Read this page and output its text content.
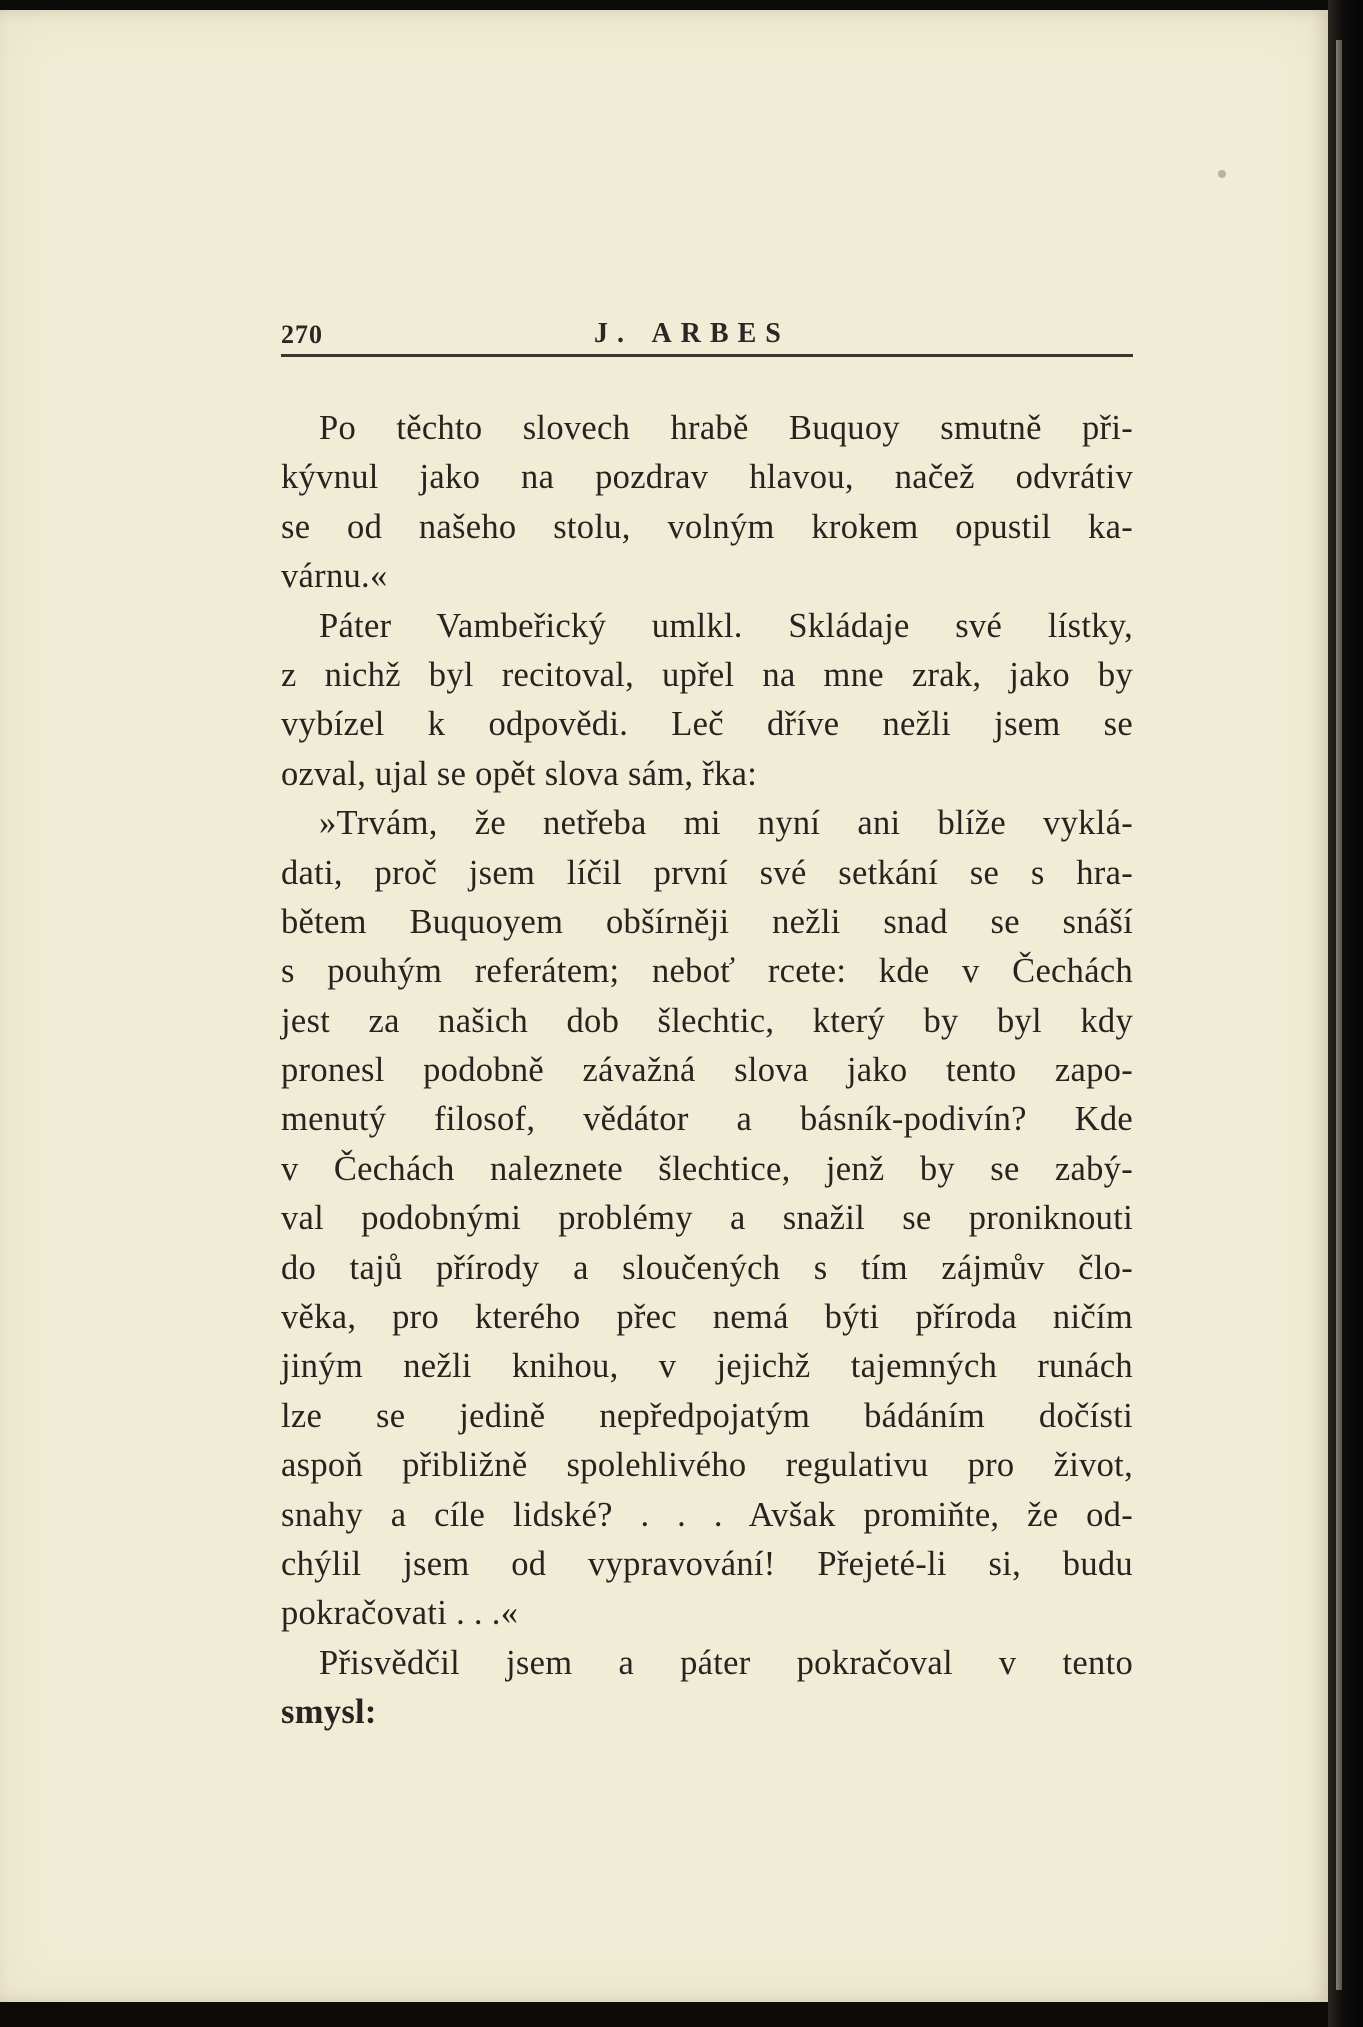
270	J. ARBES
Po těchto slovech hrabě Buquoy smutně při-
kývnul jako na pozdrav hlavou, načež odvrátiv
se od našeho stolu, volným krokem opustil ka-
várnu.«
Páter Vambeřický umlkl. Skládaje své lístky,
z nichž byl recitoval, upřel na mne zrak, jako by
vybízel k odpovědi. Leč dříve nežli jsem se
ozval, ujal se opět slova sám, řka:
»Trvám, že netřeba mi nyní ani blíže vyklá-
dati, proč jsem líčil první své setkání se s hra-
bětem Buquoyem obšírněji nežli snad se snáší
s pouhým referátem; neboť rcete: kde v Čechách
jest za našich dob šlechtic, který by byl kdy
pronesl podobně závažná slova jako tento zapo-
menutý filosof, vědátor a básník-podivín? Kde
v Čechách naleznete šlechtice, jenž by se zabý-
val podobnými problémy a snažil se proniknouti
do tajů přírody a sloučených s tím zájmův člo-
věka, pro kterého přec nemá býti příroda ničím
jiným nežli knihou, v jejichž tajemných runách
lze se jedině nepředpojatým bádáním dočísti
aspoň přibližně spolehlivého regulativu pro život,
snahy a cíle lidské? . . . Avšak promiňte, že od-
chýlil jsem od vypravování! Přejeté-li si, budu
pokračovati . . .«
Přisvědčil jsem a páter pokračoval v tento
smysl:
